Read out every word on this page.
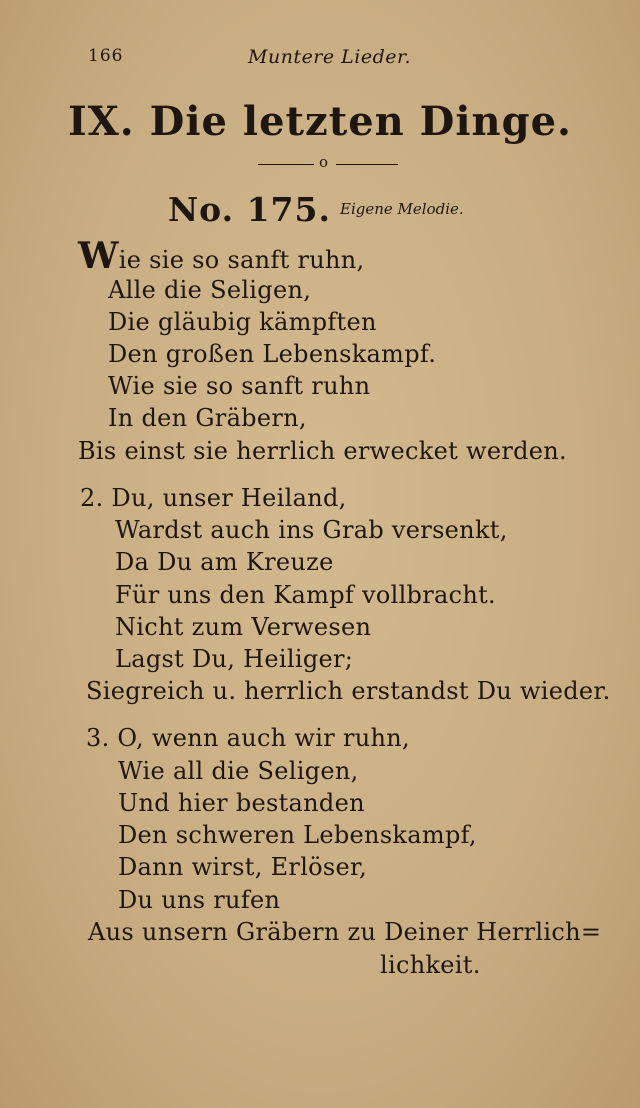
166	Muntere Lieder.
IX. Die letzten Dinge.
o
No. 175. Eigene Melodie.
Wie sie so sanft ruhn,
Alle die Seligen,
Die gläubig kämpften
Den großen Lebenskampf.
Wie sie so sanft ruhn
In den Gräbern,
Bis einst sie herrlich erwecket werden.
2. Du, unser Heiland,
Wardst auch ins Grab versenkt,
Da Du am Kreuze
Für uns den Kampf vollbracht.
Nicht zum Verwesen
Lagst Du, Heiliger;
Siegreich u. herrlich erstandst Du wieder.
3. O, wenn auch wir ruhn,
Wie all die Seligen,
Und hier bestanden
Den schweren Lebenskampf,
Dann wirst, Erlöser,
Du uns rufen
Aus unsern Gräbern zu Deiner Herrlich=
lichkeit.
